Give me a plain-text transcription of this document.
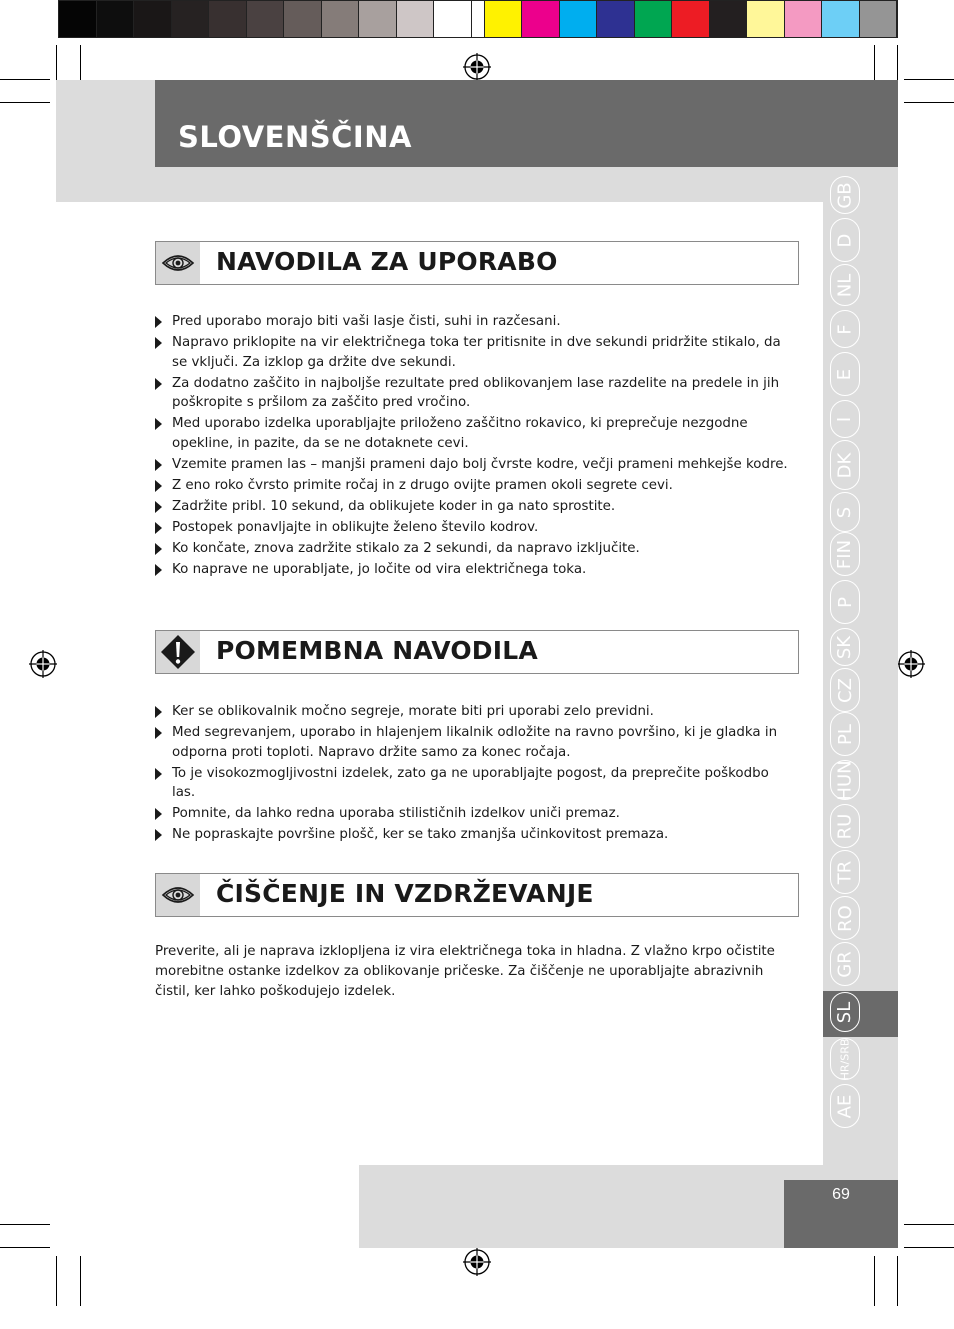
SLOVENŠČINA
GB
D
NL
F
E
I
DK
S
FIN
P
SK
CZ
PL
HUN
RU
TR
RO
GR
SL
HR/SRB
AE
69
NAVODILA ZA UPORABO
Pred uporabo morajo biti vaši lasje čisti, suhi in razčesani.
Napravo priklopite na vir električnega toka ter pritisnite in dve sekundi pridržite stikalo, da se vključi. Za izklop ga držite dve sekundi.
Za dodatno zaščito in najboljše rezultate pred oblikovanjem lase razdelite na predele in jih poškropite s pršilom za zaščito pred vročino.
Med uporabo izdelka uporabljajte priloženo zaščitno rokavico, ki preprečuje nezgodne opekline, in pazite, da se ne dotaknete cevi.
Vzemite pramen las – manjši prameni dajo bolj čvrste kodre, večji prameni mehkejše kodre.
Z eno roko čvrsto primite ročaj in z drugo ovijte pramen okoli segrete cevi.
Zadržite pribl. 10 sekund, da oblikujete koder in ga nato sprostite.
Postopek ponavljajte in oblikujte želeno število kodrov.
Ko končate, znova zadržite stikalo za 2 sekundi, da napravo izključite.
Ko naprave ne uporabljate, jo ločite od vira električnega toka.
POMEMBNA NAVODILA
Ker se oblikovalnik močno segreje, morate biti pri uporabi zelo previdni.
Med segrevanjem, uporabo in hlajenjem likalnik odložite na ravno površino, ki je gladka in odporna proti toploti. Napravo držite samo za konec ročaja.
To je visokozmogljivostni izdelek, zato ga ne uporabljajte pogost, da preprečite poškodbo las.
Pomnite, da lahko redna uporaba stilističnih izdelkov uniči premaz.
Ne popraskajte površine plošč, ker se tako zmanjša učinkovitost premaza.
ČIŠČENJE IN VZDRŽEVANJE

Preverite, ali je naprava izklopljena iz vira električnega toka in hladna. Z vlažno krpo očistite morebitne ostanke izdelkov za oblikovanje pričeske. Za čiščenje ne uporabljajte abrazivnih čistil, ker lahko poškodujejo izdelek.
